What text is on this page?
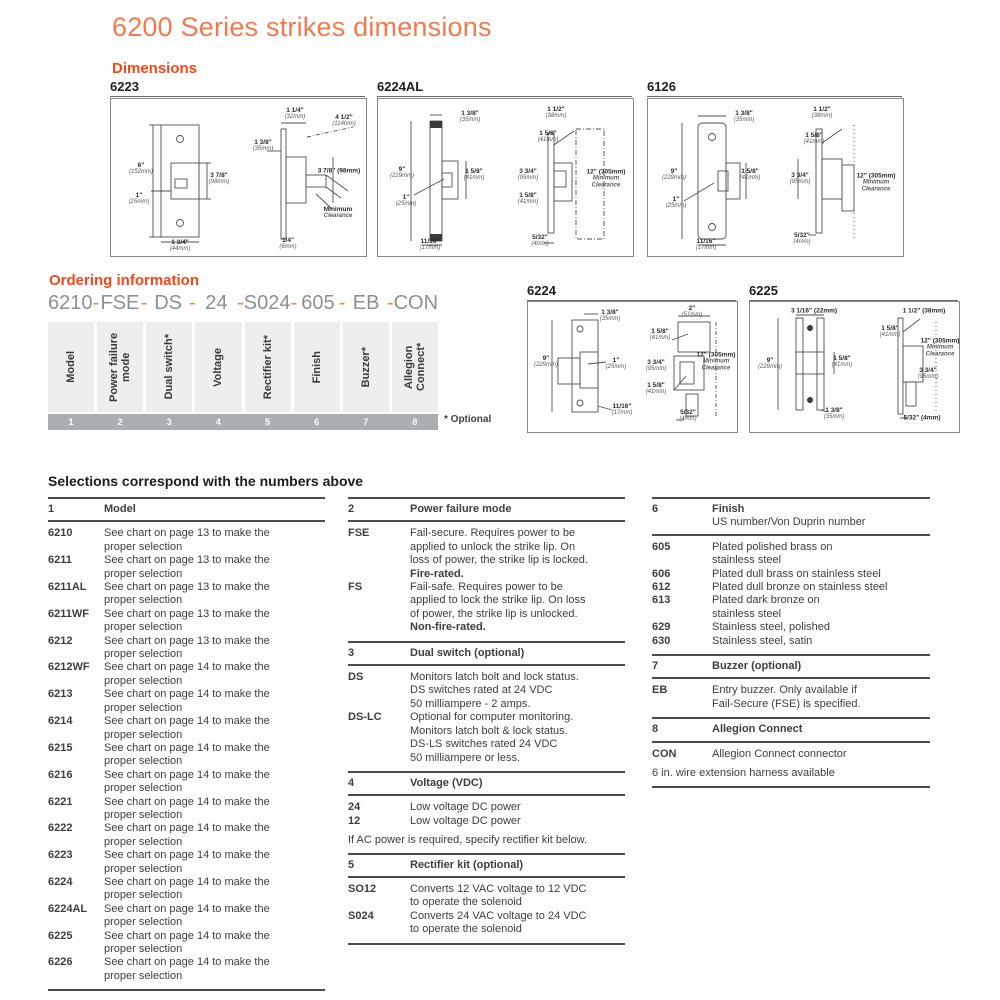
6200 Series strikes dimensions
Dimensions
6223
6"
(152mm)
1"
(25mm)
3 7/8"
(98mm)
1 3/4"
(44mm)
1 1/4"
(32mm)	4 1/2"
(114mm)
1 3/8"
(35mm)
3 7/8" (98mm)
Minimum
Clearance
1/4"
(6mm)
6224AL
1 3/8"
(35mm)
9"
(229mm)
1 5/8"
(41mm)
1"
(25mm)
11/16"
(17mm)
1 1/2"
(38mm)
1 5/8"
(41mm)
3 3/4"
(95mm)
1 5/8"
(41mm)
12" (305mm)
Minimum
Clearance
5/32"
(4mm)
6126
1 3/8"
(35mm)
9"
(229mm)
1 5/8"
(41mm)
1"
(25mm)
11/16"
(17mm)
1 1/2"
(38mm)
1 5/8"
(41mm)
3 3/4"
(95mm)
12" (305mm)
Minimum
Clearance
5/32"
(4mm)
Ordering information
6210 - FSE - DS - 24 - S024 - 605 - EB - CON
Model	Power failure mode	Dual switch*	Voltage	Rectifier kit*	Finish	Buzzer*	Allegion Connect*
1	2	3	4	5	6	7	8	* Optional
6224
1 3/8"
(35mm)
9"
(229mm)
1"
(25mm)
11/16"
(17mm)
2"
(51mm)
1 5/8"
(41mm)
3 3/4"
(95mm)
1 5/8"
(41mm)
12" (305mm)
Minimum
Clearance
5/32"
(4mm)
6225
3 1/16" (22mm)
9"
(229mm)
1 5/8"
(41mm)
1 3/8"
(35mm)
1 1/2" (38mm)
1 5/8"
(41mm)
12" (305mm)
Minimum
Clearance
3 3/4"
(95mm)
5/32" (4mm)
Selections correspond with the numbers above
1	Model
6210	See chart on page 13 to make the
proper selection
6211	See chart on page 13 to make the
proper selection
6211AL	See chart on page 13 to make the
proper selection
6211WF	See chart on page 13 to make the
proper selection
6212	See chart on page 13 to make the
proper selection
6212WF	See chart on page 14 to make the
proper selection
6213	See chart on page 14 to make the
proper selection
6214	See chart on page 14 to make the
proper selection
6215	See chart on page 14 to make the
proper selection
6216	See chart on page 14 to make the
proper selection
6221	See chart on page 14 to make the
proper selection
6222	See chart on page 14 to make the
proper selection
6223	See chart on page 14 to make the
proper selection
6224	See chart on page 14 to make the
proper selection
6224AL	See chart on page 14 to make the
proper selection
6225	See chart on page 14 to make the
proper selection
6226	See chart on page 14 to make the
proper selection
2	Power failure mode
FSE	Fail-secure. Requires power to be
applied to unlock the strike lip. On
loss of power, the strike lip is locked.
Fire-rated.
FS	Fail-safe. Requires power to be
applied to lock the strike lip. On loss
of power, the strike lip is unlocked.
Non-fire-rated.
3	Dual switch (optional)
DS	Monitors latch bolt and lock status.
DS switches rated at 24 VDC
50 milliampere - 2 amps.
DS-LC	Optional for computer monitoring.
Monitors latch bolt & lock status.
DS-LS switches rated 24 VDC
50 milliampere or less.
4	Voltage (VDC)
24	Low voltage DC power
12	Low voltage DC power
If AC power is required, specify rectifier kit below.
5	Rectifier kit (optional)
SO12	Converts 12 VAC voltage to 12 VDC
to operate the solenoid
S024	Converts 24 VAC voltage to 24 VDC
to operate the solenoid
6	Finish
US number/Von Duprin number
605	Plated polished brass on
stainless steel
606	Plated dull brass on stainless steel
612	Plated dull bronze on stainless steel
613	Plated dark bronze on
stainless steel
629	Stainless steel, polished
630	Stainless steel, satin
7	Buzzer (optional)
EB	Entry buzzer. Only available if
Fail-Secure (FSE) is specified.
8	Allegion Connect
CON	Allegion Connect connector
6 in. wire extension harness available
